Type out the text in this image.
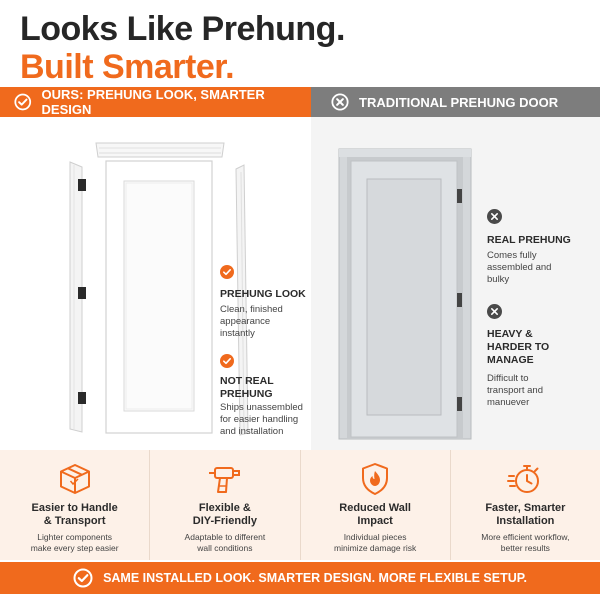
Looks Like Prehung.
Built Smarter.
OURS: PREHUNG LOOK, SMARTER DESIGN	TRADITIONAL PREHUNG DOOR
PREHUNG LOOK
Clean, finished
appearance
instantly
NOT REAL
PREHUNG
Ships unassembled
for easier handling
and installation
REAL PREHUNG
Comes fully
assembled and
bulky
HEAVY &
HARDER TO
MANAGE
Difficult to
transport and
manuever
Easier to Handle
& Transport
Lighter components
make every step easier
Flexible &
DIY-Friendly
Adaptable to different
wall conditions
Reduced Wall
Impact
Individual pieces
minimize damage risk
Faster, Smarter
Installation
More efficient workflow,
better results
SAME INSTALLED LOOK. SMARTER DESIGN. MORE FLEXIBLE SETUP.
